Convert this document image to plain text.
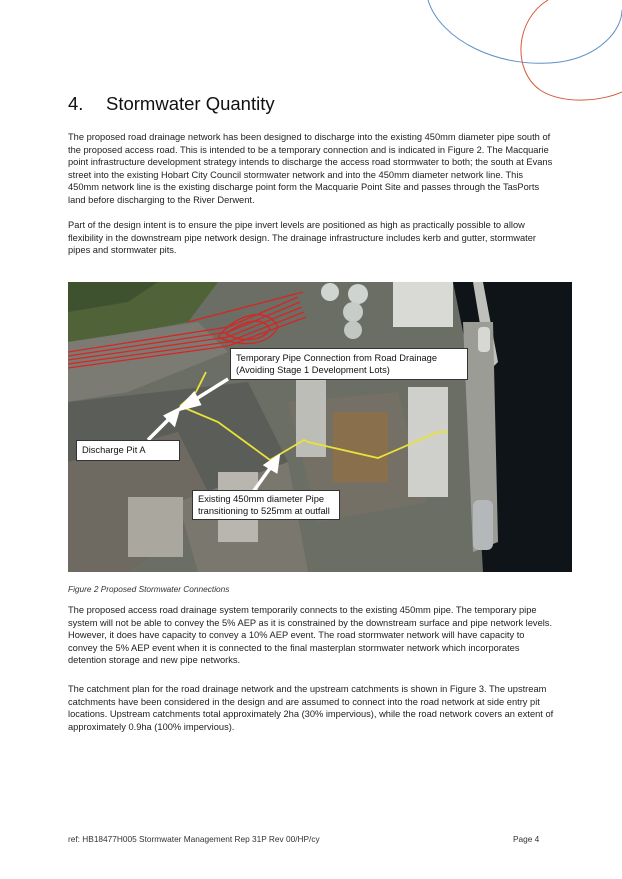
4. Stormwater Quantity

The proposed road drainage network has been designed to discharge into the existing 450mm diameter pipe south of the proposed access road. This is intended to be a temporary connection and is indicated in Figure 2. The Macquarie point infrastructure development strategy intends to discharge the access road stormwater to both; the south at Evans street into the existing Hobart City Council stormwater network and into the 450mm diameter network line. This 450mm network line is the existing discharge point form the Macquarie Point Site and passes through the TasPorts land before discharging to the River Derwent.

Part of the design intent is to ensure the pipe invert levels are positioned as high as practically possible to allow flexibility in the downstream pipe network design. The drainage infrastructure includes kerb and gutter, stormwater pipes and stormwater pits.

Temporary Pipe Connection from Road Drainage
(Avoiding Stage 1 Development Lots)
Discharge Pit A
Existing 450mm diameter Pipe
transitioning to 525mm at outfall

Figure 2 Proposed Stormwater Connections

The proposed access road drainage system temporarily connects to the existing 450mm pipe. The temporary pipe system will not be able to convey the 5% AEP as it is constrained by the downstream surface and pipe network levels. However, it does have capacity to convey a 10% AEP event. The road stormwater network will have capacity to convey the 5% AEP event when it is connected to the final masterplan stormwater network which incorporates detention storage and new pipe networks.

The catchment plan for the road drainage network and the upstream catchments is shown in Figure 3. The upstream catchments have been considered in the design and are assumed to connect into the road network at side entry pit locations. Upstream catchments total approximately 2ha (30% impervious), while the road network covers an extent of approximately 0.9ha (100% impervious).

ref: HB18477H005 Stormwater Management Rep 31P Rev 00/HP/cy	Page 4
